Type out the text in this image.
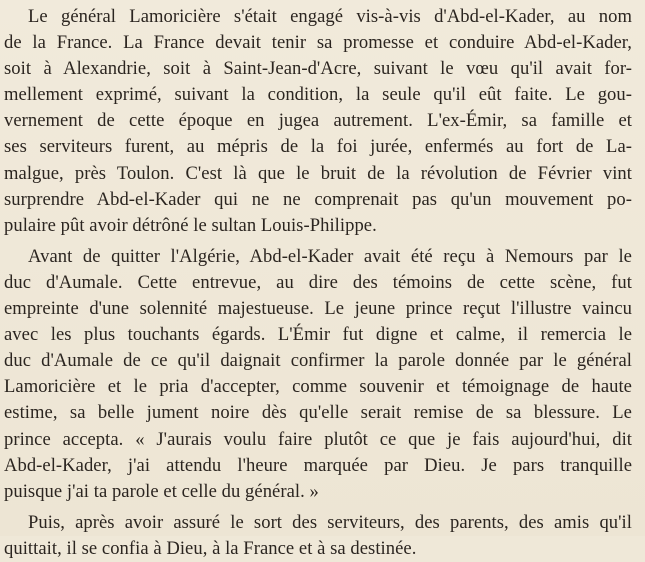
Le général Lamoricière s'était engagé vis-à-vis d'Abd-el-Kader, au nom
de la France. La France devait tenir sa promesse et conduire Abd-el-Kader,
soit à Alexandrie, soit à Saint-Jean-d'Acre, suivant le vœu qu'il avait for-
mellement exprimé, suivant la condition, la seule qu'il eût faite. Le gou-
vernement de cette époque en jugea autrement. L'ex-Émir, sa famille et
ses serviteurs furent, au mépris de la foi jurée, enfermés au fort de La-
malgue, près Toulon. C'est là que le bruit de la révolution de Février vint
surprendre Abd-el-Kader qui ne ne comprenait pas qu'un mouvement po-
pulaire pût avoir détrôné le sultan Louis-Philippe.
Avant de quitter l'Algérie, Abd-el-Kader avait été reçu à Nemours par le
duc d'Aumale. Cette entrevue, au dire des témoins de cette scène, fut
empreinte d'une solennité majestueuse. Le jeune prince reçut l'illustre vaincu
avec les plus touchants égards. L'Émir fut digne et calme, il remercia le
duc d'Aumale de ce qu'il daignait confirmer la parole donnée par le général
Lamoricière et le pria d'accepter, comme souvenir et témoignage de haute
estime, sa belle jument noire dès qu'elle serait remise de sa blessure. Le
prince accepta. « J'aurais voulu faire plutôt ce que je fais aujourd'hui, dit
Abd-el-Kader, j'ai attendu l'heure marquée par Dieu. Je pars tranquille
puisque j'ai ta parole et celle du général. »
Puis, après avoir assuré le sort des serviteurs, des parents, des amis qu'il
quittait, il se confia à Dieu, à la France et à sa destinée.
